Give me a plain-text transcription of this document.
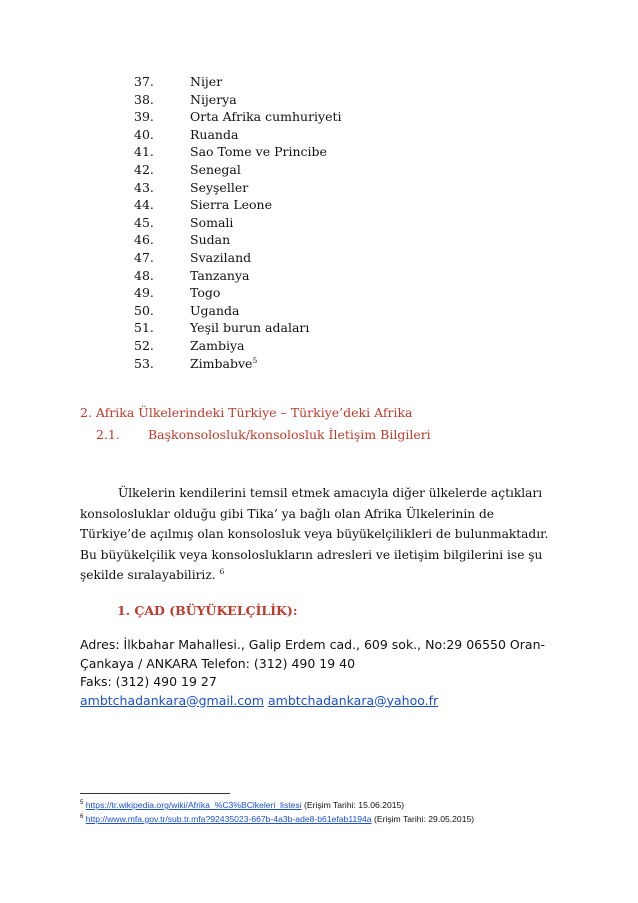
37.	Nijer
38.	Nijerya
39.	Orta Afrika cumhuriyeti
40.	Ruanda
41.	Sao Tome ve Princibe
42.	Senegal
43.	Seyşeller
44.	Sierra Leone
45.	Somali
46.	Sudan
47.	Svaziland
48.	Tanzanya
49.	Togo
50.	Uganda
51.	Yeşil burun adaları
52.	Zambiya
53.	Zimbabve$^5$
2. Afrika Ülkelerindeki Türkiye – Türkiye’deki Afrika
2.1.	Başkonsolosluk/konsolosluk İletişim Bilgileri
Ülkelerin kendilerini temsil etmek amacıyla diğer ülkelerde açtıkları
konsolosluklar olduğu gibi Tika’ ya bağlı olan Afrika Ülkelerinin de
Türkiye’de açılmış olan konsolosluk veya büyükelçilikleri de bulunmaktadır.
Bu büyükelçilik veya konsoloslukların adresleri ve iletişim bilgilerini ise şu
şekilde sıralayabiliriz. $^6$
1. ÇAD (BÜYÜKELÇİLİK):
Adres: İlkbahar Mahallesi., Galip Erdem cad., 609 sok., No:29 06550 Oran-
Çankaya / ANKARA Telefon: (312) 490 19 40
Faks: (312) 490 19 27
ambtchadankara@gmail.com ambtchadankara@yahoo.fr
$^5$ https://tr.wikipedia.org/wiki/Afrika_%C3%BClkeleri_listesi (Erişim Tarihi: 15.06.2015)
$^6$ http://www.mfa.gov.tr/sub.tr.mfa?92435023-667b-4a3b-ade8-b61efab1194a (Erişim Tarihi: 29.05.2015)
